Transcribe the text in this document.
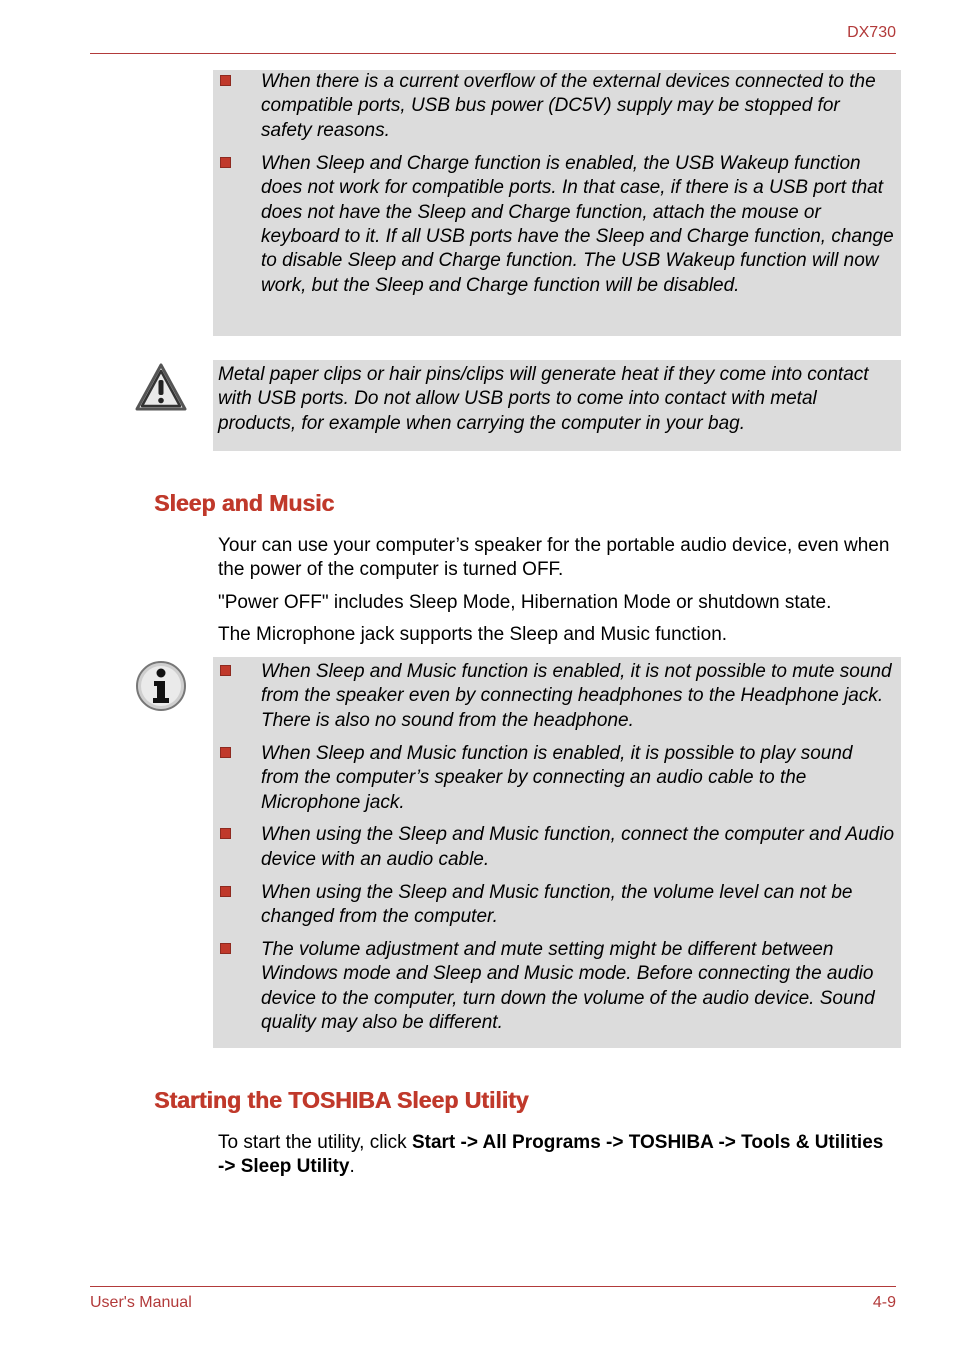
DX730
When there is a current overflow of the external devices connected to the compatible ports, USB bus power (DC5V) supply may be stopped for safety reasons.
When Sleep and Charge function is enabled, the USB Wakeup function does not work for compatible ports. In that case, if there is a USB port that does not have the Sleep and Charge function, attach the mouse or keyboard to it. If all USB ports have the Sleep and Charge function, change to disable Sleep and Charge function. The USB Wakeup function will now work, but the Sleep and Charge function will be disabled.
Metal paper clips or hair pins/clips will generate heat if they come into contact with USB ports. Do not allow USB ports to come into contact with metal products, for example when carrying the computer in your bag.
Sleep and Music
Your can use your computer’s speaker for the portable audio device, even when the power of the computer is turned OFF.
"Power OFF" includes Sleep Mode, Hibernation Mode or shutdown state.
The Microphone jack supports the Sleep and Music function.
When Sleep and Music function is enabled, it is not possible to mute sound from the speaker even by connecting headphones to the Headphone jack. There is also no sound from the headphone.
When Sleep and Music function is enabled, it is possible to play sound from the computer’s speaker by connecting an audio cable to the Microphone jack.
When using the Sleep and Music function, connect the computer and Audio device with an audio cable.
When using the Sleep and Music function, the volume level can not be changed from the computer.
The volume adjustment and mute setting might be different between Windows mode and Sleep and Music mode. Before connecting the audio device to the computer, turn down the volume of the audio device. Sound quality may also be different.
Starting the TOSHIBA Sleep Utility
To start the utility, click Start -> All Programs -> TOSHIBA -> Tools & Utilities -> Sleep Utility.
User's Manual	4-9
